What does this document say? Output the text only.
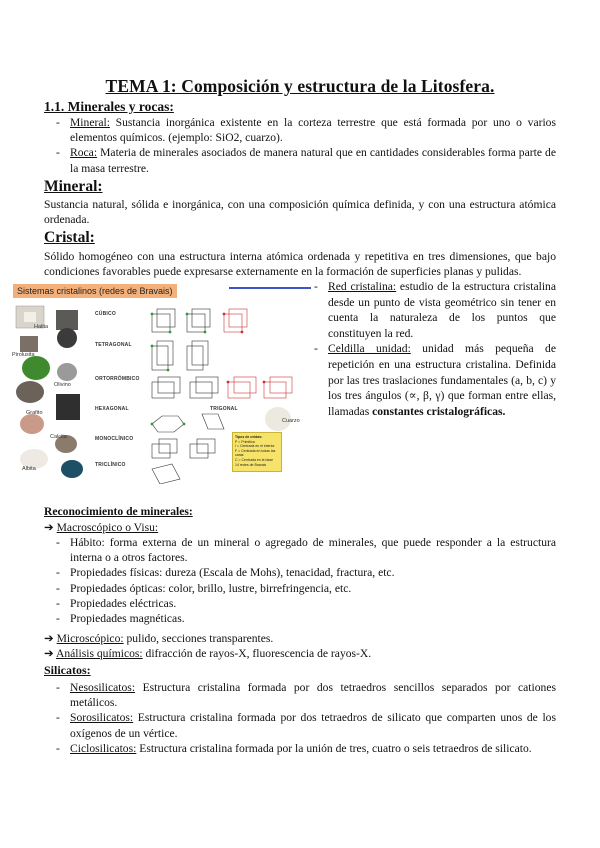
TEMA 1: Composición y estructura de la Litosfera.
1.1. Minerales y rocas:
- Mineral: Sustancia inorgánica existente en la corteza terrestre que está formada por uno o varios elementos químicos. (ejemplo: SiO2, cuarzo).
- Roca: Materia de minerales asociados de manera natural que en cantidades considerables forma parte de la masa terrestre.
Mineral:

Sustancia natural, sólida e inorgánica, con una composición química definida, y con una estructura atómica ordenada.

Cristal:

Sólido homogéneo con una estructura interna atómica ordenada y repetitiva en tres dimensiones, que bajo condiciones favorables puede expresarse externamente en la formación de superficies planas y pulidas.

Sistemas cristalinos (redes de Bravais)
CÚBICO
TETRAGONAL
ORTORRÓMBICO
HEXAGONAL
MONOCLÍNICO
TRICLÍNICO
TRIGONAL
Halita
Pirolusita
Olivino
Grafito
Calcita
Albita
Cuarzo
Tipos de celdas:
P = Primitiva
I = Centrada en el interior
F = Centrada en todas las caras
C = Centrada en la base
14 redes de Bravais
- Red cristalina: estudio de la estructura cristalina desde un punto de vista geométrico sin tener en cuenta la naturaleza de los puntos que constituyen la red.
- Celdilla unidad: unidad más pequeña de repetición en una estructura cristalina. Definida por las tres traslaciones fundamentales (a, b, c) y los tres ángulos (∝, β, γ) que forman entre ellas, llamadas constantes cristalográficas.
Reconocimiento de minerales:
➔ Macroscópico o Visu:
- Hábito: forma externa de un mineral o agregado de minerales, que puede responder a la estructura interna o a otros factores.
- Propiedades físicas: dureza (Escala de Mohs), tenacidad, fractura, etc.
- Propiedades ópticas: color, brillo, lustre, birrefringencia, etc.
- Propiedades eléctricas.
- Propiedades magnéticas.
➔ Microscópico: pulido, secciones transparentes.
➔ Análisis químicos: difracción de rayos-X, fluorescencia de rayos-X.
Silicatos:
- Nesosilicatos: Estructura cristalina formada por dos tetraedros sencillos separados por cationes metálicos.
- Sorosilicatos: Estructura cristalina formada por dos tetraedros de silicato que comparten unos de los oxígenos de un vértice.
- Ciclosilicatos: Estructura cristalina formada por la unión de tres, cuatro o seis tetraedros de silicato.
